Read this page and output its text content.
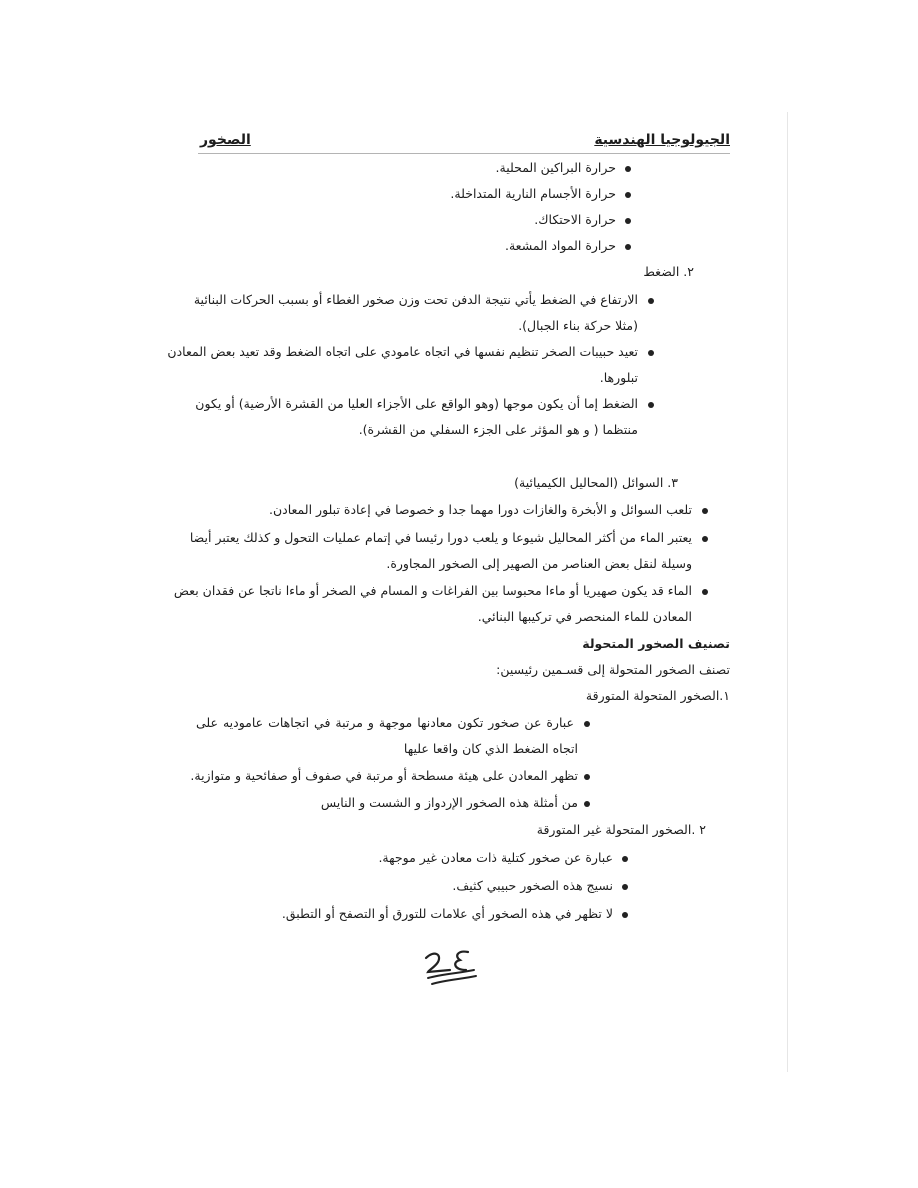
الجيولوجيا الهندسية
الصخور
حرارة البراكين المحلية.
حرارة الأجسام النارية المتداخلة.
حرارة الاحتكاك.
حرارة المواد المشعة.
٢. الضغط
الارتفاع في الضغط يأتي نتيجة الدفن تحت وزن صخور الغطاء أو بسبب الحركات البنائية
(مثلا حركة بناء الجبال).
تعيد حبيبات الصخر تنظيم نفسها في اتجاه عامودي على اتجاه الضغط وقد تعيد بعض المعادن
تبلورها.
الضغط إما أن يكون موجها (وهو الواقع على الأجزاء العليا من القشرة الأرضية) أو يكون
منتظما ( و هو المؤثر على الجزء السفلي من القشرة).
٣. السوائل (المحاليل الكيميائية)
تلعب السوائل و الأبخرة والغازات دورا مهما جدا و خصوصا في إعادة تبلور المعادن.
يعتبر الماء من أكثر المحاليل شيوعا و يلعب دورا رئيسا في إتمام عمليات التحول و كذلك يعتبر أيضا
وسيلة لنقل بعض العناصر من الصهير إلى الصخور المجاورة.
الماء قد يكون صهيريا أو ماءا محبوسا بين الفراغات و المسام في الصخر أو ماءا ناتجا عن فقدان بعض
المعادن للماء المنحصر في تركيبها البنائي.
تصنيف الصخور المتحولة
تصنف الصخور المتحولة إلى قسـمين رئيسين:
١.الصخور المتحولة المتورقة
عبارة عن صخور تكون معادنها موجهة و مرتبة في اتجاهات عاموديه على
اتجاه الضغط الذي كان واقعا عليها
تظهر المعادن على هيئة مسطحة أو مرتبة في صفوف أو صفائحية و متوازية.
من أمثلة هذه الصخور الإردواز و الشست و النايس
٢ .الصخور المتحولة غير المتورقة
عبارة عن صخور كتلية ذات معادن غير موجهة.
نسيج هذه الصخور حبيبي كثيف.
لا تظهر في هذه الصخور أي علامات للتورق أو التصفح أو التطبق.
